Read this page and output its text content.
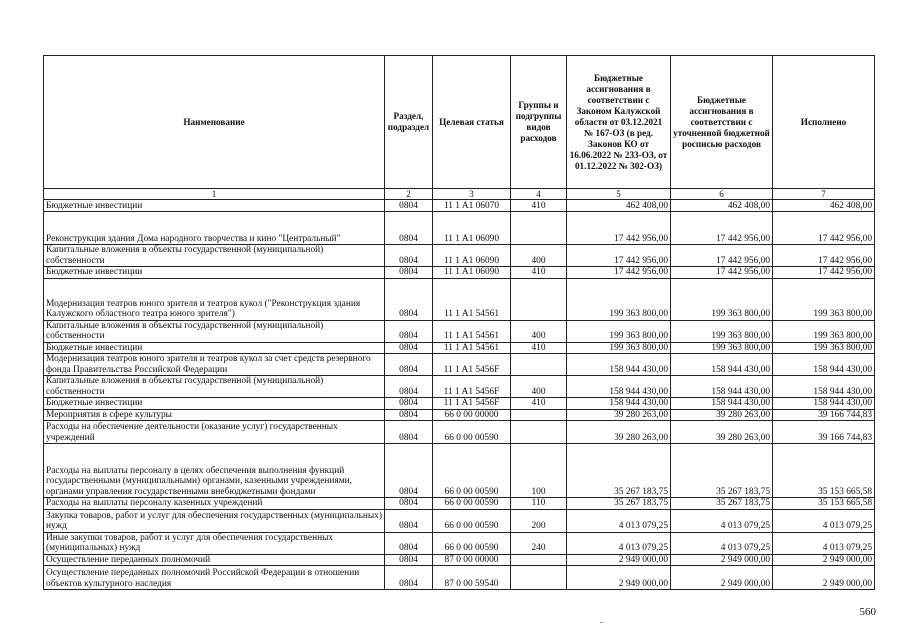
Наименование	Раздел, подраздел	Целевая статья	Группы и подгруппы видов расходов	Бюджетные ассигнования в соответствии с Законом Калужской области от 03.12.2021 № 167-ОЗ (в ред. Законов КО от 16.06.2022 № 233-ОЗ, от 01.12.2022 № 302-ОЗ)	Бюджетные ассигнования в соответствии с уточненной бюджетной росписью расходов	Исполнено
1	2	3	4	5	6	7
Бюджетные инвестиции	0804	11 1 A1 06070	410	462 408,00	462 408,00	462 408,00
Реконструкция здания Дома народного творчества и кино "Центральный"	0804	11 1 A1 06090		17 442 956,00	17 442 956,00	17 442 956,00
Капитальные вложения в объекты государственной (муниципальной) собственности	0804	11 1 A1 06090	400	17 442 956,00	17 442 956,00	17 442 956,00
Бюджетные инвестиции	0804	11 1 A1 06090	410	17 442 956,00	17 442 956,00	17 442 956,00
Модернизация театров юного зрителя и театров кукол ("Реконструкция здания Калужского областного театра юного зрителя")	0804	11 1 A1 54561		199 363 800,00	199 363 800,00	199 363 800,00
Капитальные вложения в объекты государственной (муниципальной) собственности	0804	11 1 A1 54561	400	199 363 800,00	199 363 800,00	199 363 800,00
Бюджетные инвестиции	0804	11 1 A1 54561	410	199 363 800,00	199 363 800,00	199 363 800,00
Модернизация театров юного зрителя и театров кукол за счет средств резервного фонда Правительства Российской Федерации	0804	11 1 A1 5456F		158 944 430,00	158 944 430,00	158 944 430,00
Капитальные вложения в объекты государственной (муниципальной) собственности	0804	11 1 A1 5456F	400	158 944 430,00	158 944 430,00	158 944 430,00
Бюджетные инвестиции	0804	11 1 A1 5456F	410	158 944 430,00	158 944 430,00	158 944 430,00
Мероприятия в сфере культуры	0804	66 0 00 00000		39 280 263,00	39 280 263,00	39 166 744,83
Расходы на обеспечение деятельности (оказание услуг) государственных учреждений	0804	66 0 00 00590		39 280 263,00	39 280 263,00	39 166 744,83
Расходы на выплаты персоналу в целях обеспечения выполнения функций государственными (муниципальными) органами, казенными учреждениями, органами управления государственными внебюджетными фондами	0804	66 0 00 00590	100	35 267 183,75	35 267 183,75	35 153 665,58
Расходы на выплаты персоналу казенных учреждений	0804	66 0 00 00590	110	35 267 183,75	35 267 183,75	35 153 665,58
Закупка товаров, работ и услуг для обеспечения государственных (муниципальных) нужд	0804	66 0 00 00590	200	4 013 079,25	4 013 079,25	4 013 079,25
Иные закупки товаров, работ и услуг для обеспечения государственных (муниципальных) нужд	0804	66 0 00 00590	240	4 013 079,25	4 013 079,25	4 013 079,25
Осуществление переданных полномочий	0804	87 0 00 00000		2 949 000,00	2 949 000,00	2 949 000,00
Осуществление переданных полномочий Российской Федерации в отношении объектов культурного наследия	0804	87 0 00 59540		2 949 000,00	2 949 000,00	2 949 000,00
560
